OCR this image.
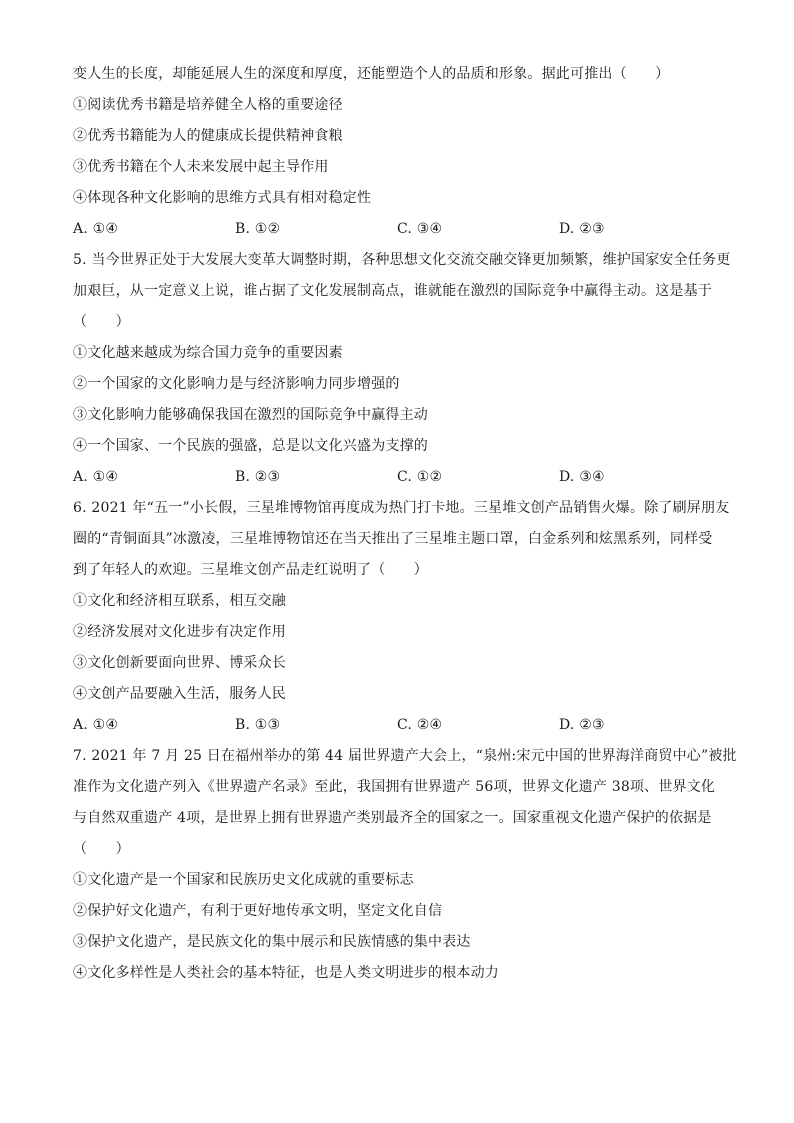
变人生的长度，却能延展人生的深度和厚度，还能塑造个人的品质和形象。据此可推出（　　）
①阅读优秀书籍是培养健全人格的重要途径
②优秀书籍能为人的健康成长提供精神食粮
③优秀书籍在个人未来发展中起主导作用
④体现各种文化影响的思维方式具有相对稳定性
A. ①④	B. ①②	C. ③④	D. ②③
5. 当今世界正处于大发展大变革大调整时期，各种思想文化交流交融交锋更加频繁，维护国家安全任务更
加艰巨，从一定意义上说，谁占据了文化发展制高点，谁就能在激烈的国际竞争中赢得主动。这是基于
（　　）
①文化越来越成为综合国力竞争的重要因素
②一个国家的文化影响力是与经济影响力同步增强的
③文化影响力能够确保我国在激烈的国际竞争中赢得主动
④一个国家、一个民族的强盛，总是以文化兴盛为支撑的
A. ①④	B. ②③	C. ①②	D. ③④
6. 2021 年“五一”小长假，三星堆博物馆再度成为热门打卡地。三星堆文创产品销售火爆。除了刷屏朋友
圈的“青铜面具”冰激凌，三星堆博物馆还在当天推出了三星堆主题口罩，白金系列和炫黑系列，同样受
到了年轻人的欢迎。三星堆文创产品走红说明了（　　）
①文化和经济相互联系，相互交融
②经济发展对文化进步有决定作用
③文化创新要面向世界、博采众长
④文创产品要融入生活，服务人民
A. ①④	B. ①③	C. ②④	D. ②③
7. 2021 年 7 月 25 日在福州举办的第 44 届世界遗产大会上，“泉州:宋元中国的世界海洋商贸中心”被批
准作为文化遗产列入《世界遗产名录》至此，我国拥有世界遗产 56项，世界文化遗产 38项、世界文化
与自然双重遗产 4项，是世界上拥有世界遗产类别最齐全的国家之一。国家重视文化遗产保护的依据是
（　　）
①文化遗产是一个国家和民族历史文化成就的重要标志
②保护好文化遗产，有利于更好地传承文明，坚定文化自信
③保护文化遗产，是民族文化的集中展示和民族情感的集中表达
④文化多样性是人类社会的基本特征，也是人类文明进步的根本动力
